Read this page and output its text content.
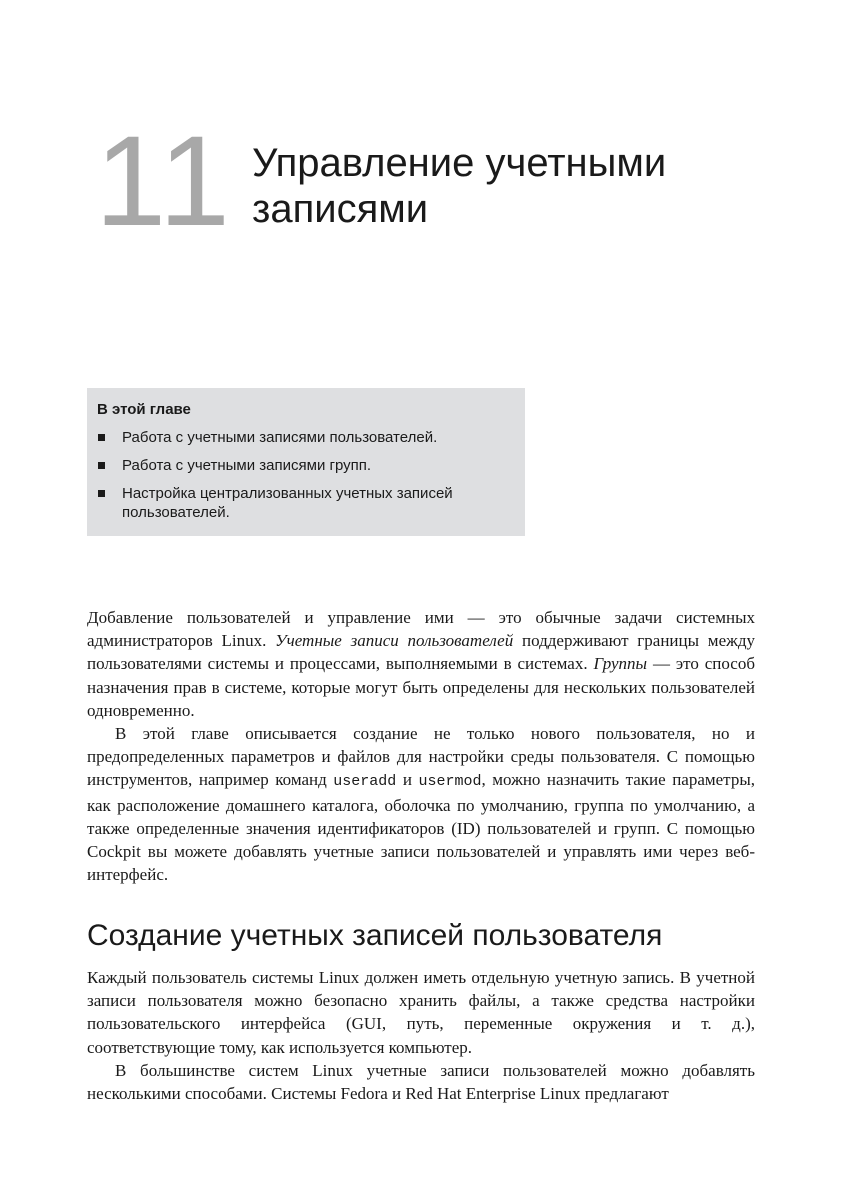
11 Управление учетными записями
В этой главе
Работа с учетными записями пользователей.
Работа с учетными записями групп.
Настройка централизованных учетных записей пользователей.

Добавление пользователей и управление ими — это обычные задачи системных администраторов Linux. Учетные записи пользователей поддерживают границы между пользователями системы и процессами, выполняемыми в системах. Группы — это способ назначения прав в системе, которые могут быть определены для нескольких пользователей одновременно.

В этой главе описывается создание не только нового пользователя, но и предопределенных параметров и файлов для настройки среды пользователя. С помощью инструментов, например команд useradd и usermod, можно назначить такие параметры, как расположение домашнего каталога, оболочка по умолчанию, группа по умолчанию, а также определенные значения идентификаторов (ID) пользователей и групп. С помощью Cockpit вы можете добавлять учетные записи пользователей и управлять ими через веб-интерфейс.

Создание учетных записей пользователя

Каждый пользователь системы Linux должен иметь отдельную учетную запись. В учетной записи пользователя можно безопасно хранить файлы, а также средства настройки пользовательского интерфейса (GUI, путь, переменные окружения и т. д.), соответствующие тому, как используется компьютер.

В большинстве систем Linux учетные записи пользователей можно добавлять несколькими способами. Системы Fedora и Red Hat Enterprise Linux предлагают
